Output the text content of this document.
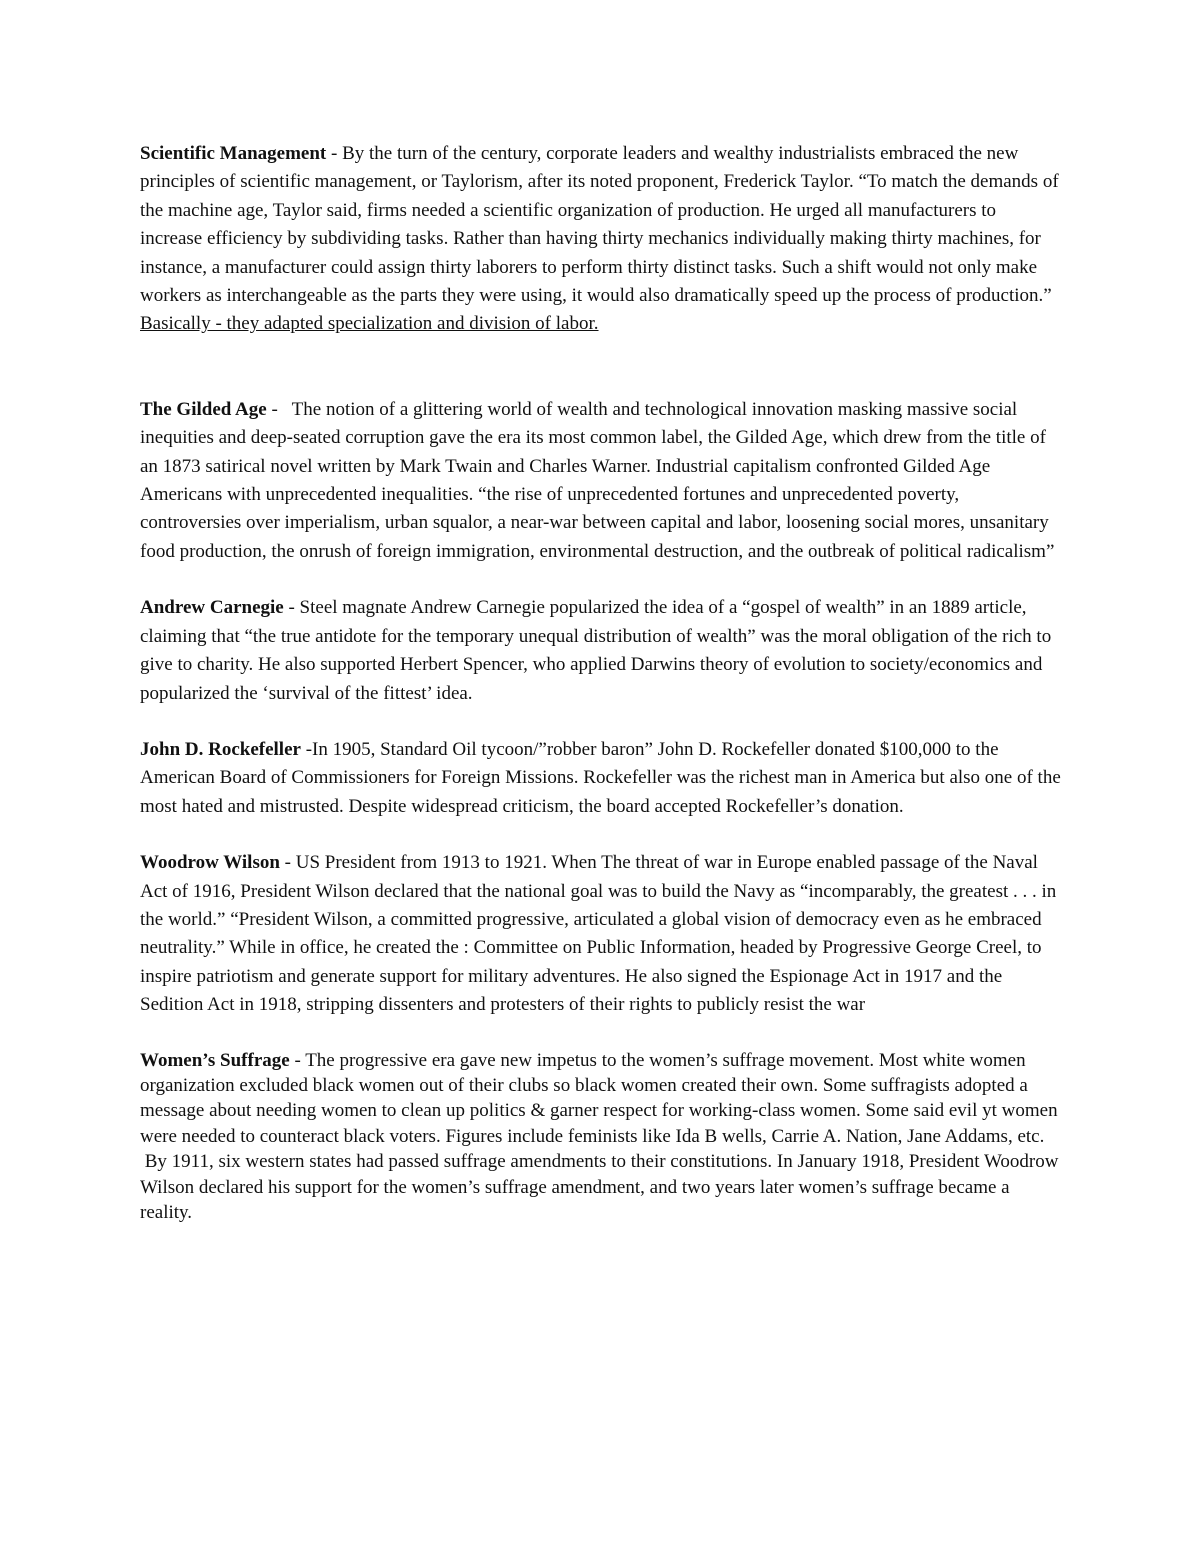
Scientific Management - By the turn of the century, corporate leaders and wealthy industrialists embraced the new principles of scientific management, or Taylorism, after its noted proponent, Frederick Taylor. “To match the demands of the machine age, Taylor said, firms needed a scientific organization of production. He urged all manufacturers to increase efficiency by subdividing tasks. Rather than having thirty mechanics individually making thirty machines, for instance, a manufacturer could assign thirty laborers to perform thirty distinct tasks. Such a shift would not only make workers as interchangeable as the parts they were using, it would also dramatically speed up the process of production.” Basically - they adapted specialization and division of labor.

The Gilded Age -   The notion of a glittering world of wealth and technological innovation masking massive social inequities and deep-seated corruption gave the era its most common label, the Gilded Age, which drew from the title of an 1873 satirical novel written by Mark Twain and Charles Warner. Industrial capitalism confronted Gilded Age Americans with unprecedented inequalities. “the rise of unprecedented fortunes and unprecedented poverty, controversies over imperialism, urban squalor, a near-war between capital and labor, loosening social mores, unsanitary food production, the onrush of foreign immigration, environmental destruction, and the outbreak of political radicalism”

Andrew Carnegie - Steel magnate Andrew Carnegie popularized the idea of a “gospel of wealth” in an 1889 article, claiming that “the true antidote for the temporary unequal distribution of wealth” was the moral obligation of the rich to give to charity. He also supported Herbert Spencer, who applied Darwins theory of evolution to society/economics and popularized the ‘survival of the fittest’ idea.

John D. Rockefeller -In 1905, Standard Oil tycoon/”robber baron” John D. Rockefeller donated $100,000 to the American Board of Commissioners for Foreign Missions. Rockefeller was the richest man in America but also one of the most hated and mistrusted. Despite widespread criticism, the board accepted Rockefeller’s donation.

Woodrow Wilson - US President from 1913 to 1921. When The threat of war in Europe enabled passage of the Naval Act of 1916, President Wilson declared that the national goal was to build the Navy as “incomparably, the greatest . . . in the world.” “President Wilson, a committed progressive, articulated a global vision of democracy even as he embraced neutrality.” While in office, he created the : Committee on Public Information, headed by Progressive George Creel, to inspire patriotism and generate support for military adventures. He also signed the Espionage Act in 1917 and the Sedition Act in 1918, stripping dissenters and protesters of their rights to publicly resist the war

Women’s Suffrage - The progressive era gave new impetus to the women’s suffrage movement. Most white women organization excluded black women out of their clubs so black women created their own. Some suffragists adopted a message about needing women to clean up politics & garner respect for working-class women. Some said evil yt women were needed to counteract black voters. Figures include feminists like Ida B wells, Carrie A. Nation, Jane Addams, etc.

By 1911, six western states had passed suffrage amendments to their constitutions. In January 1918, President Woodrow Wilson declared his support for the women’s suffrage amendment, and two years later women’s suffrage became a reality.
